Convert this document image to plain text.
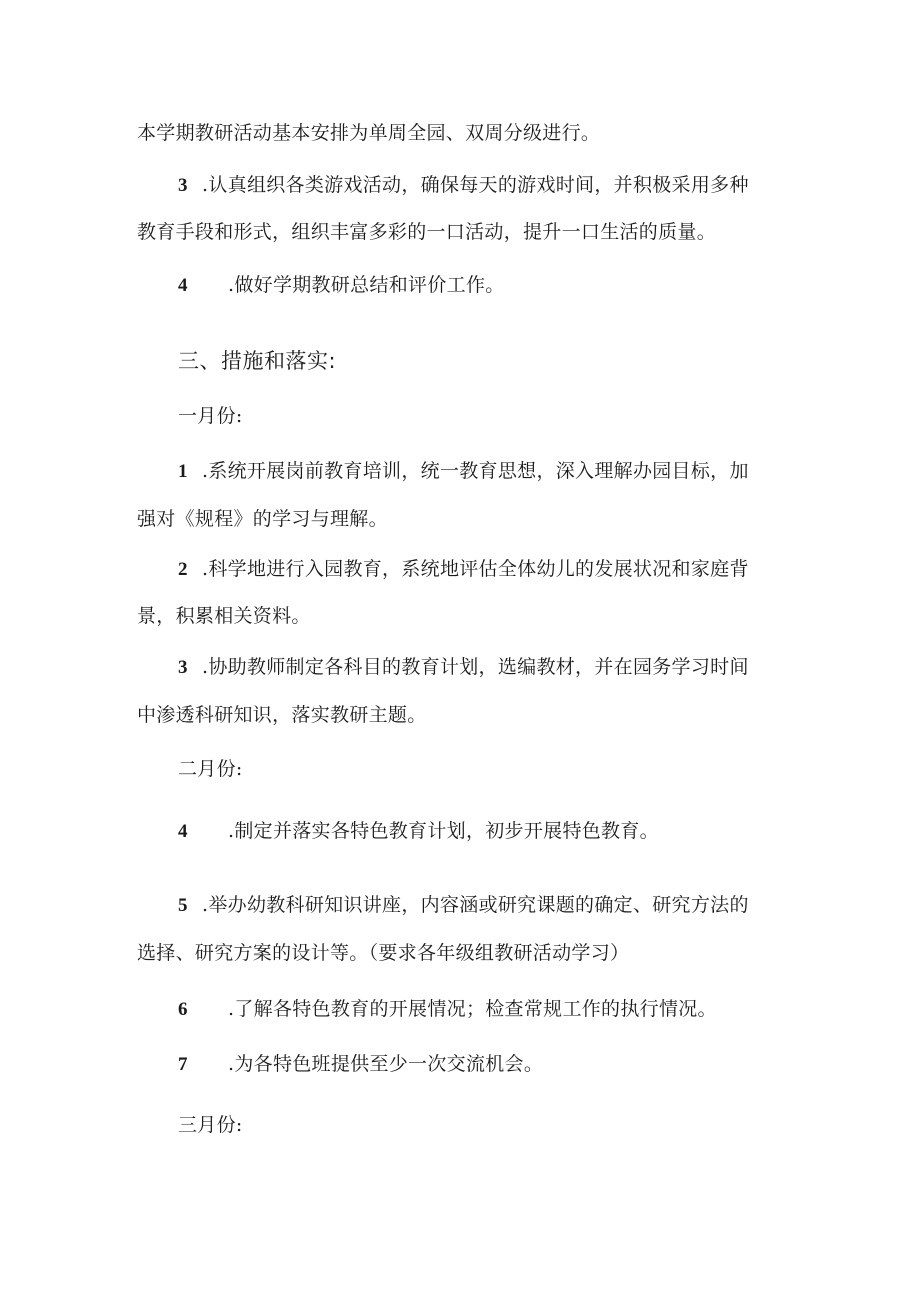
本学期教研活动基本安排为单周全园、双周分级进行。
3 .认真组织各类游戏活动，确保每天的游戏时间，并积极采用多种
教育手段和形式，组织丰富多彩的一口活动，提升一口生活的质量。
4 .做好学期教研总结和评价工作。
三、措施和落实:
一月份:
1 .系统开展岗前教育培训，统一教育思想，深入理解办园目标，加
强对《规程》的学习与理解。
2 .科学地进行入园教育，系统地评估全体幼儿的发展状况和家庭背
景，积累相关资料。
3 .协助教师制定各科目的教育计划，选编教材，并在园务学习时间
中渗透科研知识，落实教研主题。
二月份:
4 .制定并落实各特色教育计划，初步开展特色教育。
5 .举办幼教科研知识讲座，内容涵或研究课题的确定、研究方法的
选择、研究方案的设计等。（要求各年级组教研活动学习）
6 .了解各特色教育的开展情况；检查常规工作的执行情况。
7 .为各特色班提供至少一次交流机会。
三月份:
